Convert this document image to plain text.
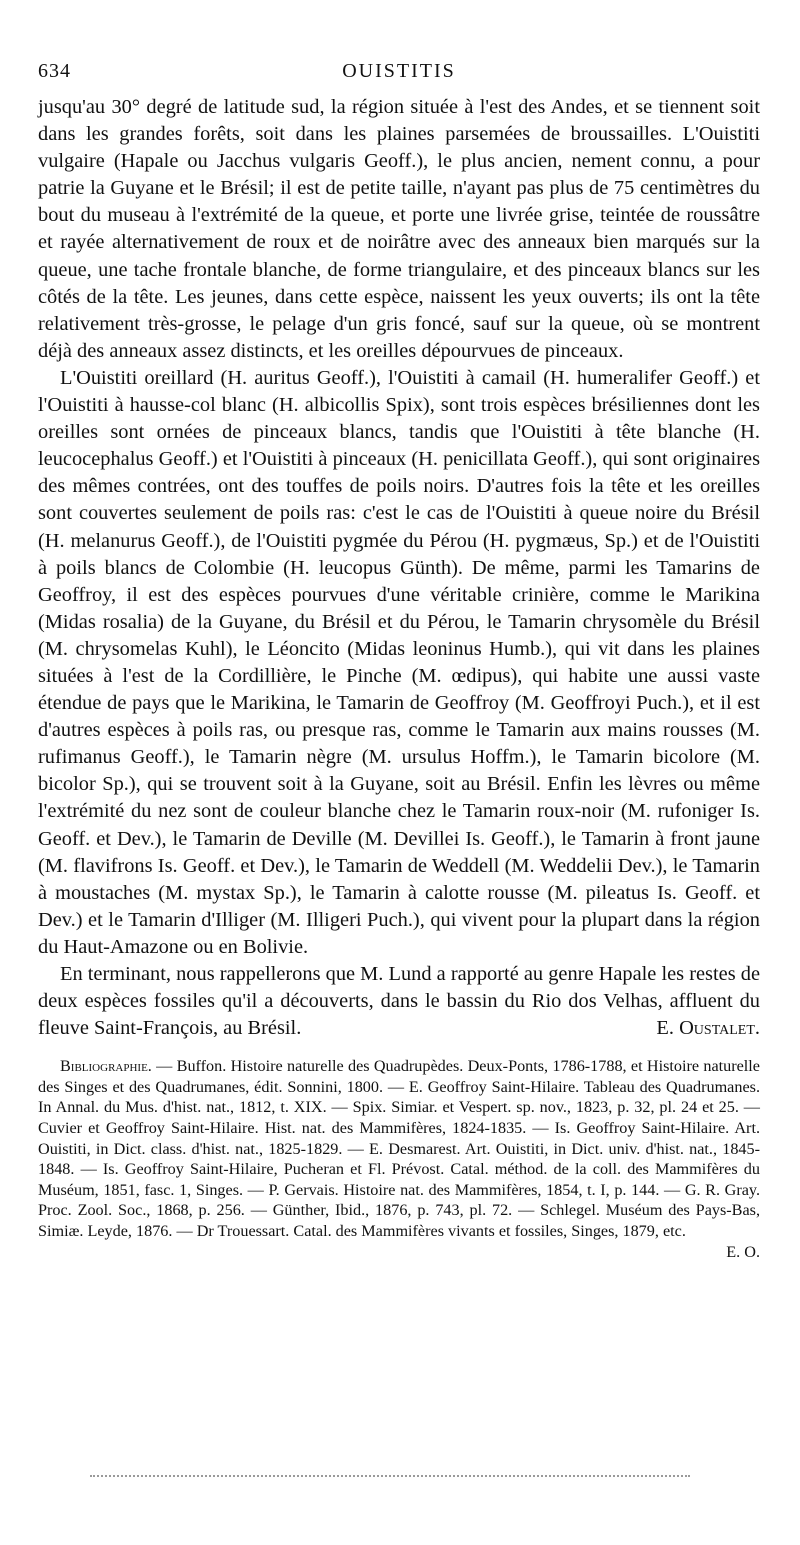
634	OUISTITIS

jusqu'au 30° degré de latitude sud, la région située à l'est des Andes, et se tiennent soit dans les grandes forêts, soit dans les plaines parsemées de broussailles. L'Ouistiti vulgaire (Hapale ou Jacchus vulgaris Geoff.), le plus ancien, nement connu, a pour patrie la Guyane et le Brésil; il est de petite taille, n'ayant pas plus de 75 centimètres du bout du museau à l'extrémité de la queue, et porte une livrée grise, teintée de roussâtre et rayée alternativement de roux et de noirâtre avec des anneaux bien marqués sur la queue, une tache frontale blanche, de forme triangulaire, et des pinceaux blancs sur les côtés de la tête. Les jeunes, dans cette espèce, naissent les yeux ouverts; ils ont la tête relativement très-grosse, le pelage d'un gris foncé, sauf sur la queue, où se montrent déjà des anneaux assez distincts, et les oreilles dépourvues de pinceaux.

L'Ouistiti oreillard (H. auritus Geoff.), l'Ouistiti à camail (H. humeralifer Geoff.) et l'Ouistiti à hausse-col blanc (H. albicollis Spix), sont trois espèces brésiliennes dont les oreilles sont ornées de pinceaux blancs, tandis que l'Ouistiti à tête blanche (H. leucocephalus Geoff.) et l'Ouistiti à pinceaux (H. penicillata Geoff.), qui sont originaires des mêmes contrées, ont des touffes de poils noirs. D'autres fois la tête et les oreilles sont couvertes seulement de poils ras: c'est le cas de l'Ouistiti à queue noire du Brésil (H. melanurus Geoff.), de l'Ouistiti pygmée du Pérou (H. pygmæus, Sp.) et de l'Ouistiti à poils blancs de Colombie (H. leucopus Günth). De même, parmi les Tamarins de Geoffroy, il est des espèces pourvues d'une véritable crinière, comme le Marikina (Midas rosalia) de la Guyane, du Brésil et du Pérou, le Tamarin chrysomèle du Brésil (M. chrysomelas Kuhl), le Léoncito (Midas leoninus Humb.), qui vit dans les plaines situées à l'est de la Cordillière, le Pinche (M. œdipus), qui habite une aussi vaste étendue de pays que le Marikina, le Tamarin de Geoffroy (M. Geoffroyi Puch.), et il est d'autres espèces à poils ras, ou presque ras, comme le Tamarin aux mains rousses (M. rufimanus Geoff.), le Tamarin nègre (M. ursulus Hoffm.), le Tamarin bicolore (M. bicolor Sp.), qui se trouvent soit à la Guyane, soit au Brésil. Enfin les lèvres ou même l'extrémité du nez sont de couleur blanche chez le Tamarin roux-noir (M. rufoniger Is. Geoff. et Dev.), le Tamarin de Deville (M. Devillei Is. Geoff.), le Tamarin à front jaune (M. flavifrons Is. Geoff. et Dev.), le Tamarin de Weddell (M. Weddelii Dev.), le Tamarin à moustaches (M. mystax Sp.), le Tamarin à calotte rousse (M. pileatus Is. Geoff. et Dev.) et le Tamarin d'Illiger (M. Illigeri Puch.), qui vivent pour la plupart dans la région du Haut-Amazone ou en Bolivie.

En terminant, nous rappellerons que M. Lund a rapporté au genre Hapale les restes de deux espèces fossiles qu'il a découverts, dans le bassin du Rio dos Velhas, affluent du fleuve Saint-François, au Brésil.	E. Oustalet.

Bibliographie. — Buffon. Histoire naturelle des Quadrupèdes. Deux-Ponts, 1786-1788, et Histoire naturelle des Singes et des Quadrumanes, édit. Sonnini, 1800. — E. Geoffroy Saint-Hilaire. Tableau des Quadrumanes. In Annal. du Mus. d'hist. nat., 1812, t. XIX. — Spix. Simiar. et Vespert. sp. nov., 1823, p. 32, pl. 24 et 25. — Cuvier et Geoffroy Saint-Hilaire. Hist. nat. des Mammifères, 1824-1835. — Is. Geoffroy Saint-Hilaire. Art. Ouistiti, in Dict. class. d'hist. nat., 1825-1829. — E. Desmarest. Art. Ouistiti, in Dict. univ. d'hist. nat., 1845-1848. — Is. Geoffroy Saint-Hilaire, Pucheran et Fl. Prévost. Catal. méthod. de la coll. des Mammifères du Muséum, 1851, fasc. 1, Singes. — P. Gervais. Histoire nat. des Mammifères, 1854, t. I, p. 144. — G. R. Gray. Proc. Zool. Soc., 1868, p. 256. — Günther, Ibid., 1876, p. 743, pl. 72. — Schlegel. Muséum des Pays-Bas, Simiæ. Leyde, 1876. — Dr Trouessart. Catal. des Mammifères vivants et fossiles, Singes, 1879, etc.
E. O.
